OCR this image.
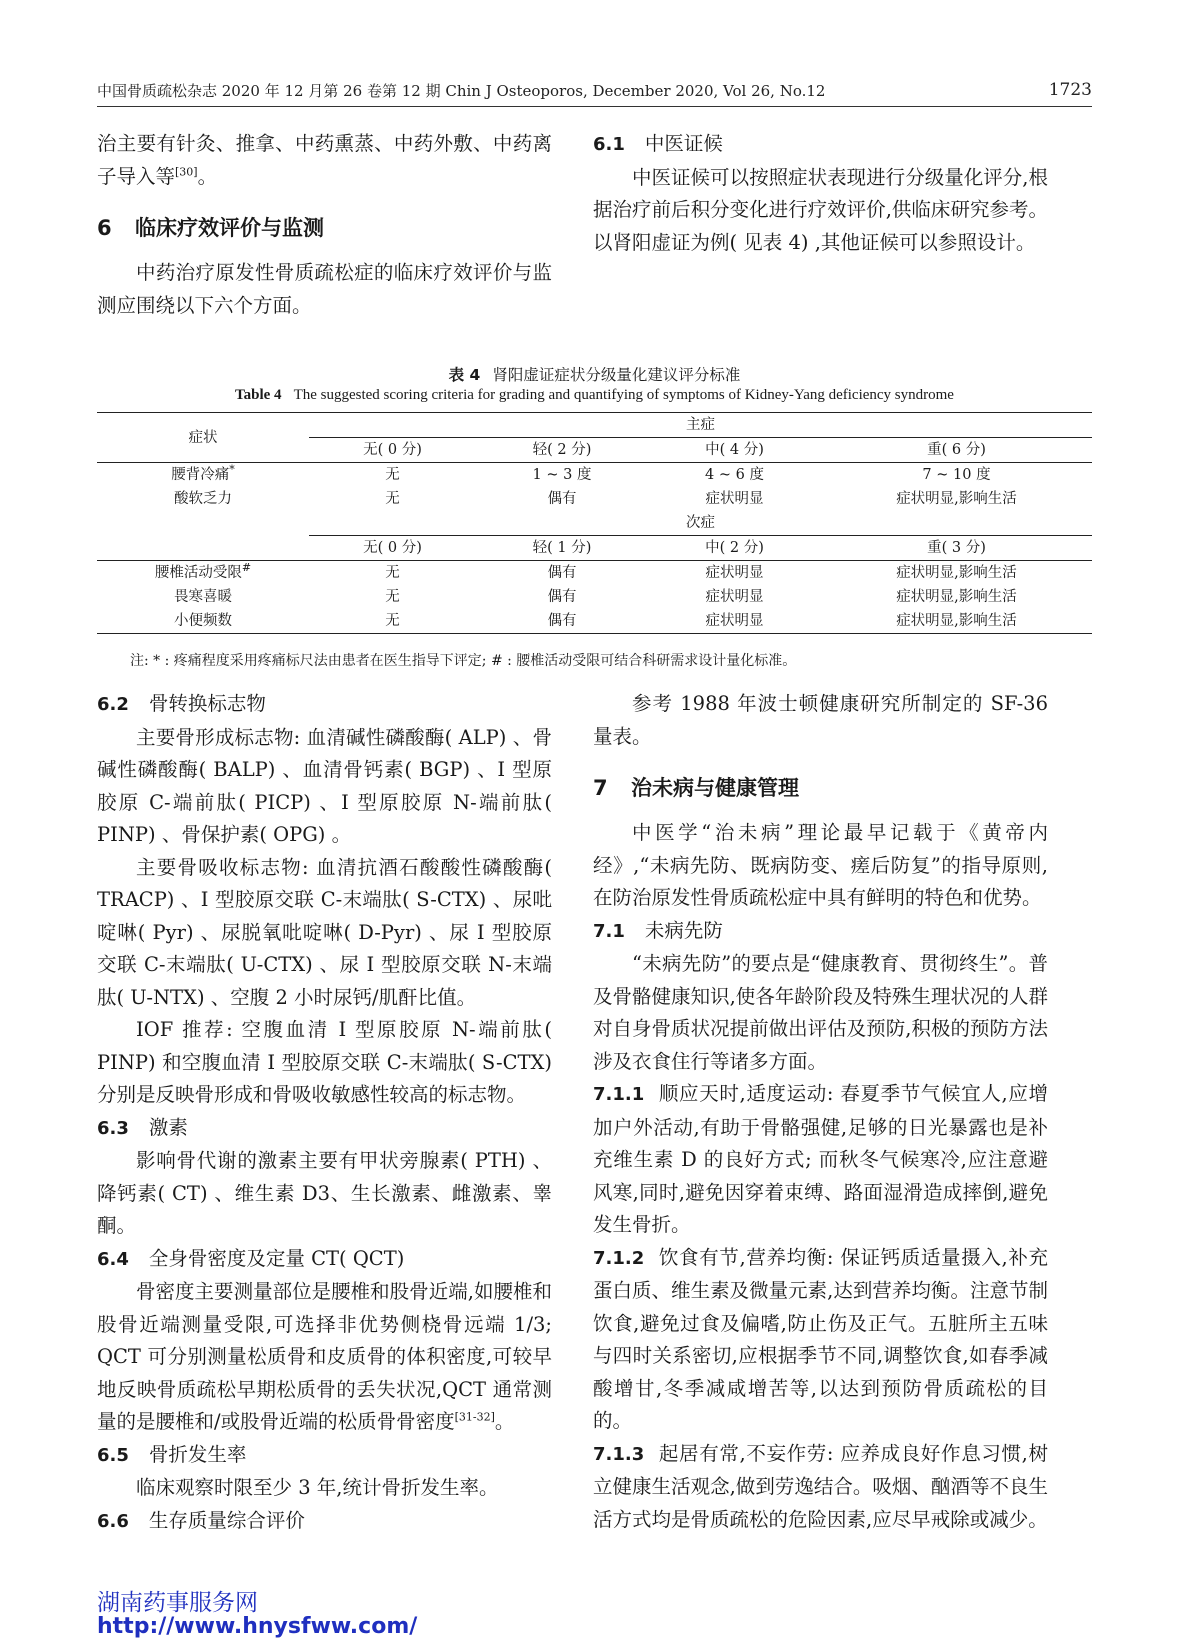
中国骨质疏松杂志 2020 年 12 月第 26 卷第 12 期 Chin J Osteoporos, December 2020, Vol 26, No.12	1723

治主要有针灸、推拿、中药熏蒸、中药外敷、中药离子导入等[30]。

6 临床疗效评价与监测

中药治疗原发性骨质疏松症的临床疗效评价与监测应围绕以下六个方面。

6.1 中医证候

中医证候可以按照症状表现进行分级量化评分,根据治疗前后积分变化进行疗效评价,供临床研究参考。以肾阳虚证为例( 见表 4) ,其他证候可以参照设计。

表 4 肾阳虚证症状分级量化建议评分标准
Table 4 The suggested scoring criteria for grading and quantifying of symptoms of Kidney-Yang deficiency syndrome
症状	主症			
	无( 0 分)	轻( 2 分)	中( 4 分)	重( 6 分)
腰背冷痛*	无	1 ~ 3 度	4 ~ 6 度	7 ~ 10 度
酸软乏力	无	偶有	症状明显	症状明显,影响生活
	次症			
	无( 0 分)	轻( 1 分)	中( 2 分)	重( 3 分)
腰椎活动受限#	无	偶有	症状明显	症状明显,影响生活
畏寒喜暖	无	偶有	症状明显	症状明显,影响生活
小便频数	无	偶有	症状明显	症状明显,影响生活
注: * : 疼痛程度采用疼痛标尺法由患者在医生指导下评定; # : 腰椎活动受限可结合科研需求设计量化标准。

6.2 骨转换标志物

主要骨形成标志物: 血清碱性磷酸酶( ALP) 、骨碱性磷酸酶( BALP) 、血清骨钙素( BGP) 、I 型原胶原 C-端前肽( PICP) 、I 型原胶原 N-端前肽( PINP) 、骨保护素( OPG) 。

主要骨吸收标志物: 血清抗酒石酸酸性磷酸酶( TRACP) 、I 型胶原交联 C-末端肽( S-CTX) 、尿吡啶啉( Pyr) 、尿脱氧吡啶啉( D-Pyr) 、尿 I 型胶原交联 C-末端肽( U-CTX) 、尿 I 型胶原交联 N-末端肽( U-NTX) 、空腹 2 小时尿钙/肌酐比值。

IOF 推荐: 空腹血清 I 型原胶原 N-端前肽( PINP) 和空腹血清 I 型胶原交联 C-末端肽( S-CTX) 分别是反映骨形成和骨吸收敏感性较高的标志物。

6.3 激素

影响骨代谢的激素主要有甲状旁腺素( PTH) 、降钙素( CT) 、维生素 D3、生长激素、雌激素、睾酮。

6.4 全身骨密度及定量 CT( QCT)

骨密度主要测量部位是腰椎和股骨近端,如腰椎和股骨近端测量受限,可选择非优势侧桡骨远端 1/3; QCT 可分别测量松质骨和皮质骨的体积密度,可较早地反映骨质疏松早期松质骨的丢失状况,QCT 通常测量的是腰椎和/或股骨近端的松质骨骨密度[31-32]。

6.5 骨折发生率

临床观察时限至少 3 年,统计骨折发生率。

6.6 生存质量综合评价

参考 1988 年波士顿健康研究所制定的 SF-36 量表。

7 治未病与健康管理

中医学“治未病”理论最早记载于《黄帝内经》,“未病先防、既病防变、瘥后防复”的指导原则,在防治原发性骨质疏松症中具有鲜明的特色和优势。

7.1 未病先防

“未病先防”的要点是“健康教育、贯彻终生”。普及骨骼健康知识,使各年龄阶段及特殊生理状况的人群对自身骨质状况提前做出评估及预防,积极的预防方法涉及衣食住行等诸多方面。

7.1.1 顺应天时,适度运动: 春夏季节气候宜人,应增加户外活动,有助于骨骼强健,足够的日光暴露也是补充维生素 D 的良好方式; 而秋冬气候寒冷,应注意避风寒,同时,避免因穿着束缚、路面湿滑造成摔倒,避免发生骨折。

7.1.2 饮食有节,营养均衡: 保证钙质适量摄入,补充蛋白质、维生素及微量元素,达到营养均衡。注意节制饮食,避免过食及偏嗜,防止伤及正气。五脏所主五味与四时关系密切,应根据季节不同,调整饮食,如春季减酸增甘,冬季减咸增苦等,以达到预防骨质疏松的目的。

7.1.3 起居有常,不妄作劳: 应养成良好作息习惯,树立健康生活观念,做到劳逸结合。吸烟、酗酒等不良生活方式均是骨质疏松的危险因素,应尽早戒除或减少。

湖南药事服务网
http://www.hnysfww.com/
